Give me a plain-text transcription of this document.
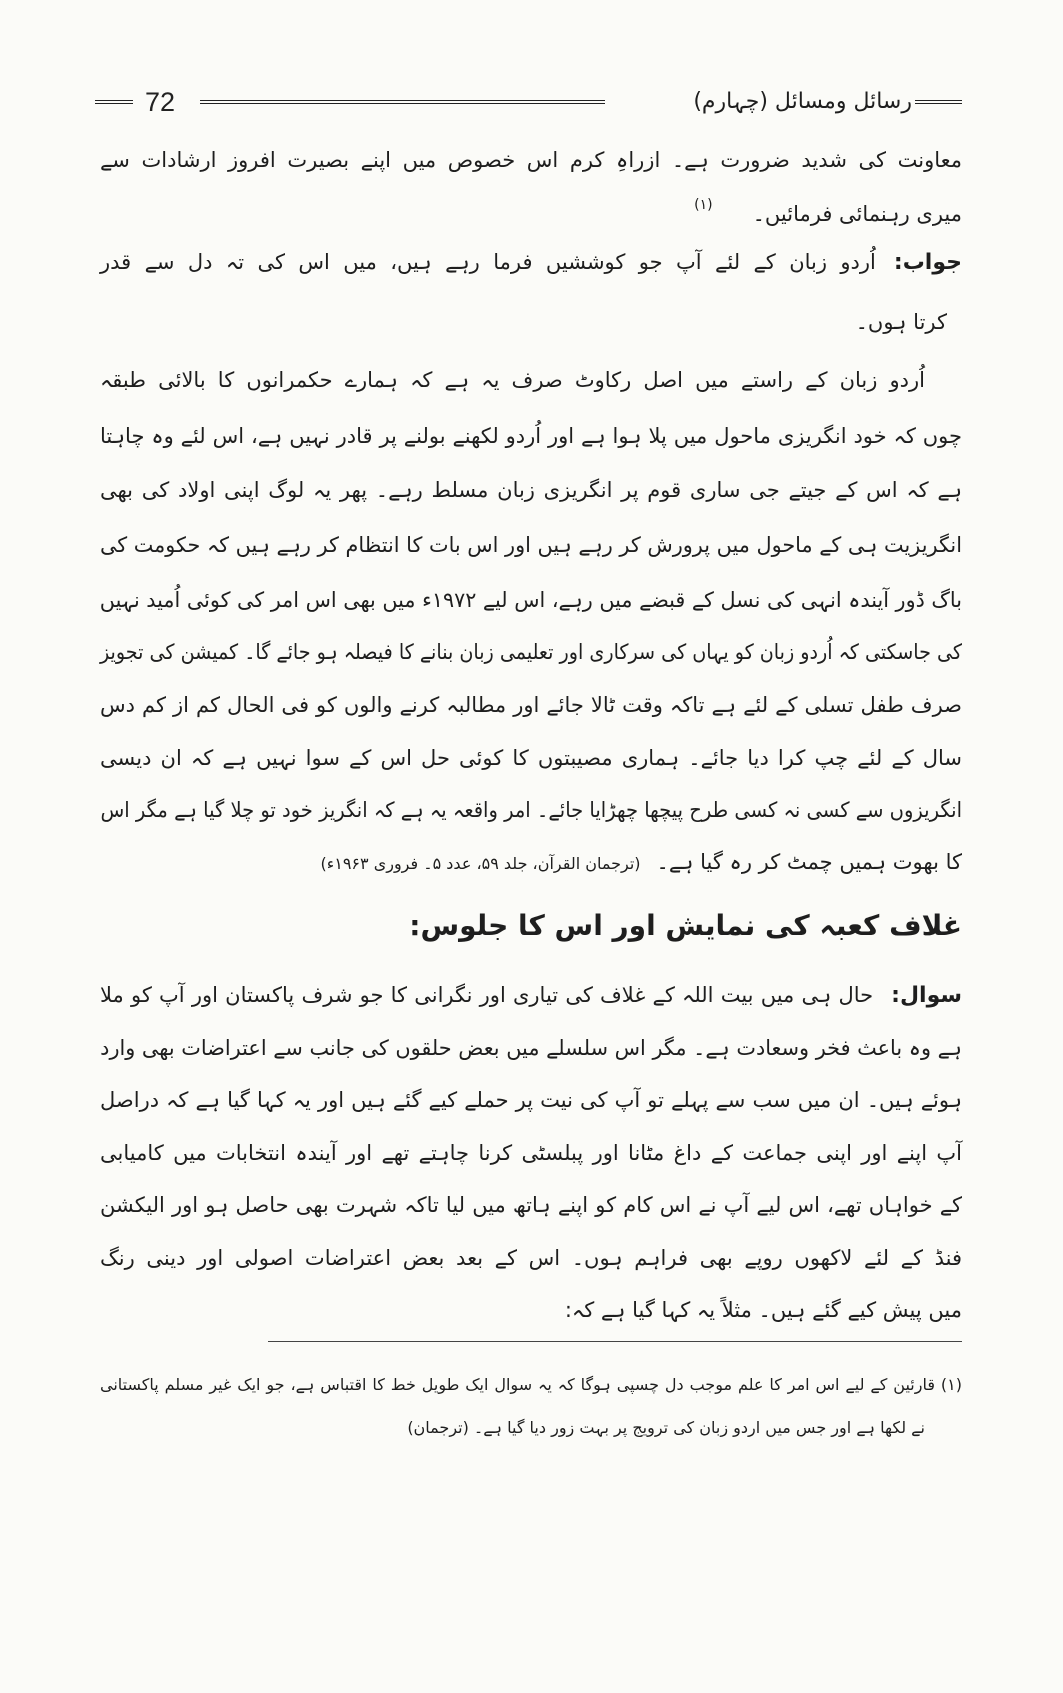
72	رسائل ومسائل (چہارم)
معاونت کی شدید ضرورت ہے۔ ازراہِ کرم اس خصوص میں اپنے بصیرت افروز ارشادات سے
میری رہنمائی فرمائیں۔$^{(۱)}$
جواب:اُردو زبان کے لئے آپ جو کوششیں فرما رہے ہیں، میں اس کی تہ دل سے قدر
کرتا ہوں۔
اُردو زبان کے راستے میں اصل رکاوٹ صرف یہ ہے کہ ہمارے حکمرانوں کا بالائی طبقہ
چوں کہ خود انگریزی ماحول میں پلا ہوا ہے اور اُردو لکھنے بولنے پر قادر نہیں ہے، اس لئے وہ چاہتا
ہے کہ اس کے جیتے جی ساری قوم پر انگریزی زبان مسلط رہے۔ پھر یہ لوگ اپنی اولاد کی بھی
انگریزیت ہی کے ماحول میں پرورش کر رہے ہیں اور اس بات کا انتظام کر رہے ہیں کہ حکومت کی
باگ ڈور آیندہ انہی کی نسل کے قبضے میں رہے، اس لیے ۱۹۷۲ء میں بھی اس امر کی کوئی اُمید نہیں
کی جاسکتی کہ اُردو زبان کو یہاں کی سرکاری اور تعلیمی زبان بنانے کا فیصلہ ہو جائے گا۔ کمیشن کی تجویز
صرف طفل تسلی کے لئے ہے تاکہ وقت ٹالا جائے اور مطالبہ کرنے والوں کو فی الحال کم از کم دس
سال کے لئے چپ کرا دیا جائے۔ ہماری مصیبتوں کا کوئی حل اس کے سوا نہیں ہے کہ ان دیسی
انگریزوں سے کسی نہ کسی طرح پیچھا چھڑایا جائے۔ امر واقعہ یہ ہے کہ انگریز خود تو چلا گیا ہے مگر اس
کا بھوت ہمیں چمٹ کر رہ گیا ہے۔(ترجمان القرآن، جلد ۵۹، عدد ۵۔ فروری ۱۹۶۳ء)
غلاف کعبہ کی نمایش اور اس کا جلوس:
سوال:حال ہی میں بیت اللہ کے غلاف کی تیاری اور نگرانی کا جو شرف پاکستان اور آپ کو ملا
ہے وہ باعث فخر وسعادت ہے۔ مگر اس سلسلے میں بعض حلقوں کی جانب سے اعتراضات بھی وارد
ہوئے ہیں۔ ان میں سب سے پہلے تو آپ کی نیت پر حملے کیے گئے ہیں اور یہ کہا گیا ہے کہ دراصل
آپ اپنے اور اپنی جماعت کے داغ مٹانا اور پبلسٹی کرنا چاہتے تھے اور آیندہ انتخابات میں کامیابی
کے خواہاں تھے، اس لیے آپ نے اس کام کو اپنے ہاتھ میں لیا تاکہ شہرت بھی حاصل ہو اور الیکشن
فنڈ کے لئے لاکھوں روپے بھی فراہم ہوں۔ اس کے بعد بعض اعتراضات اصولی اور دینی رنگ
میں پیش کیے گئے ہیں۔ مثلاً یہ کہا گیا ہے کہ:
(۱) قارئین کے لیے اس امر کا علم موجب دل چسپی ہوگا کہ یہ سوال ایک طویل خط کا اقتباس ہے، جو ایک غیر مسلم پاکستانی
نے لکھا ہے اور جس میں اردو زبان کی ترویج پر بہت زور دیا گیا ہے۔ (ترجمان)
